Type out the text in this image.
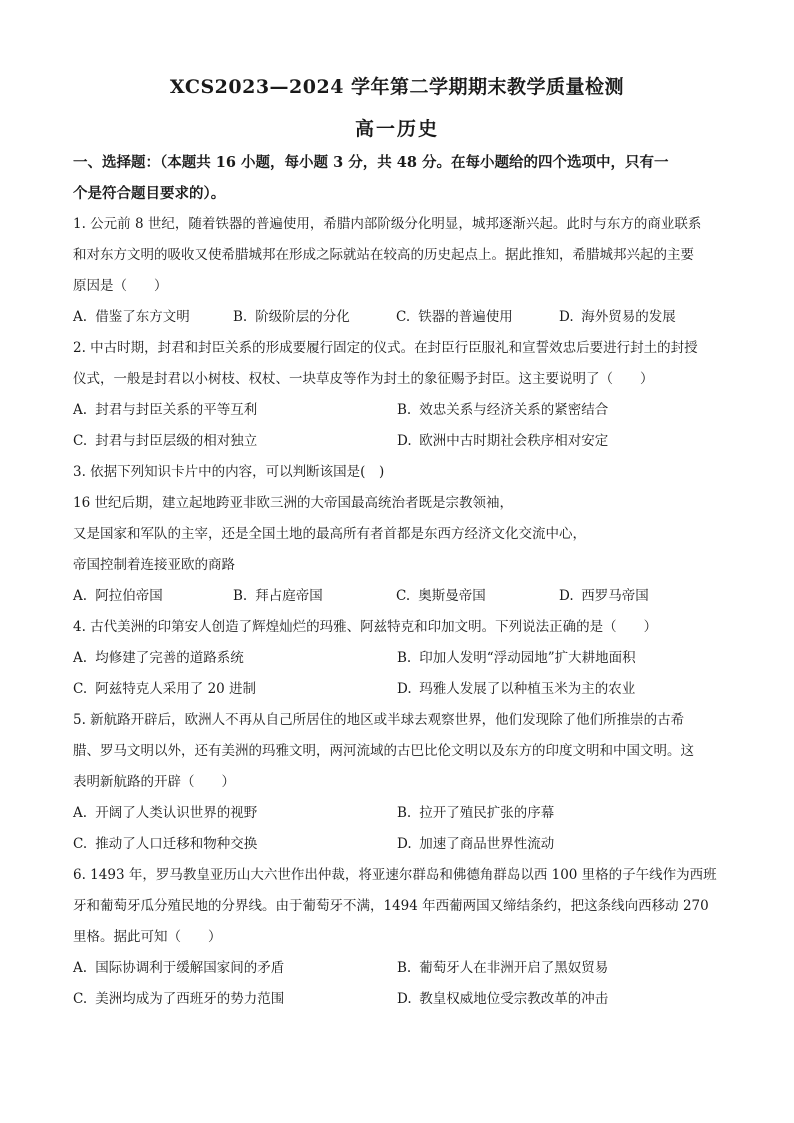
XCS2023—2024 学年第二学期期末教学质量检测
高一历史
一、选择题：（本题共 16 小题，每小题 3 分，共 48 分。在每小题给的四个选项中，只有一
个是符合题目要求的）。
1. 公元前 8 世纪，随着铁器的普遍使用，希腊内部阶级分化明显，城邦逐渐兴起。此时与东方的商业联系
和对东方文明的吸收又使希腊城邦在形成之际就站在较高的历史起点上。据此推知，希腊城邦兴起的主要
原因是（　　）
A. 借鉴了东方文明	B. 阶级阶层的分化	C. 铁器的普遍使用	D. 海外贸易的发展
2. 中古时期，封君和封臣关系的形成要履行固定的仪式。在封臣行臣服礼和宣誓效忠后要进行封土的封授
仪式，一般是封君以小树枝、权杖、一块草皮等作为封土的象征赐予封臣。这主要说明了（　　）
A. 封君与封臣关系的平等互利	B. 效忠关系与经济关系的紧密结合
C. 封君与封臣层级的相对独立	D. 欧洲中古时期社会秩序相对安定
3. 依据下列知识卡片中的内容，可以判断该国是(　)
16 世纪后期，建立起地跨亚非欧三洲的大帝国最高统治者既是宗教领袖，
又是国家和军队的主宰，还是全国土地的最高所有者首都是东西方经济文化交流中心，
帝国控制着连接亚欧的商路
A. 阿拉伯帝国	B. 拜占庭帝国	C. 奥斯曼帝国	D. 西罗马帝国
4. 古代美洲的印第安人创造了辉煌灿烂的玛雅、阿兹特克和印加文明。下列说法正确的是（　　）
A. 均修建了完善的道路系统	B. 印加人发明“浮动园地”扩大耕地面积
C. 阿兹特克人采用了 20 进制	D. 玛雅人发展了以种植玉米为主的农业
5. 新航路开辟后，欧洲人不再从自己所居住的地区或半球去观察世界，他们发现除了他们所推崇的古希
腊、罗马文明以外，还有美洲的玛雅文明，两河流域的古巴比伦文明以及东方的印度文明和中国文明。这
表明新航路的开辟（　　）
A. 开阔了人类认识世界的视野	B. 拉开了殖民扩张的序幕
C. 推动了人口迁移和物种交换	D. 加速了商品世界性流动
6. 1493 年，罗马教皇亚历山大六世作出仲裁，将亚速尔群岛和佛德角群岛以西 100 里格的子午线作为西班
牙和葡萄牙瓜分殖民地的分界线。由于葡萄牙不满，1494 年西葡两国又缔结条约，把这条线向西移动 270
里格。据此可知（　　）
A. 国际协调利于缓解国家间的矛盾	B. 葡萄牙人在非洲开启了黑奴贸易
C. 美洲均成为了西班牙的势力范围	D. 教皇权威地位受宗教改革的冲击
